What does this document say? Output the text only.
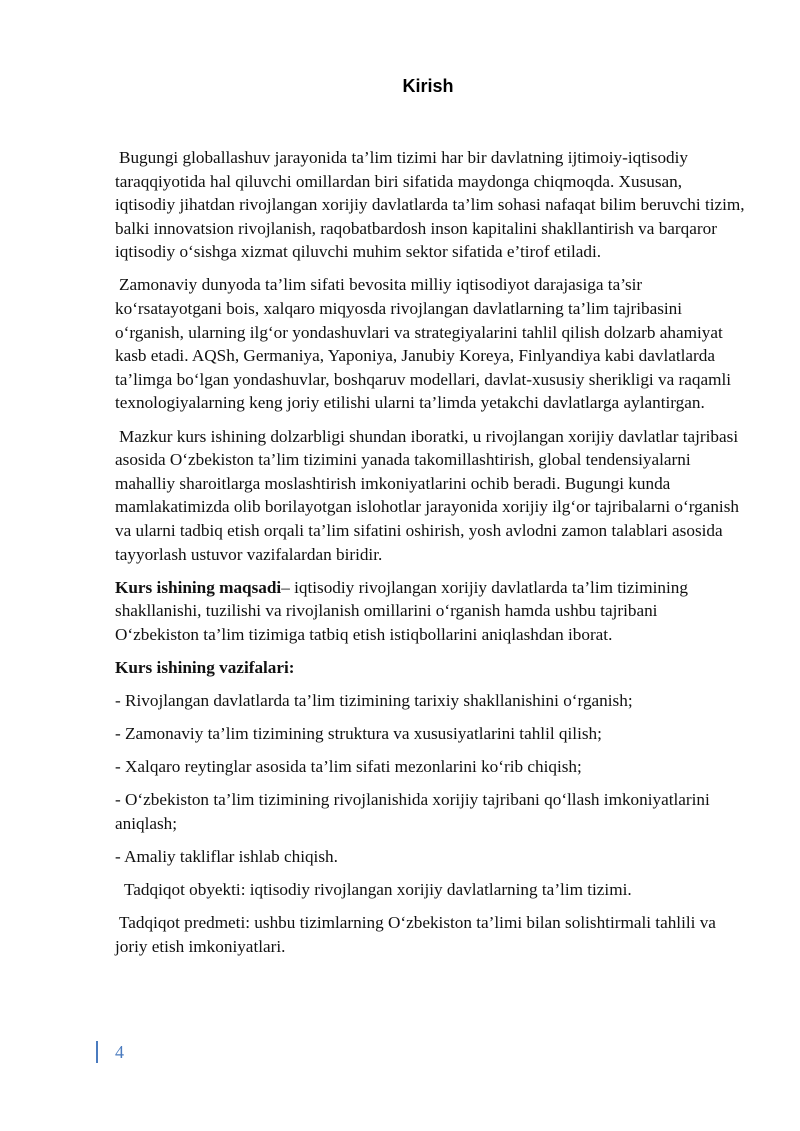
Kirish

Bugungi globallashuv jarayonida ta’lim tizimi har bir davlatning ijtimoiy-iqtisodiy taraqqiyotida hal qiluvchi omillardan biri sifatida maydonga chiqmoqda. Xususan, iqtisodiy jihatdan rivojlangan xorijiy davlatlarda ta’lim sohasi nafaqat bilim beruvchi tizim, balki innovatsion rivojlanish, raqobatbardosh inson kapitalini shakllantirish va barqaror iqtisodiy o‘sishga xizmat qiluvchi muhim sektor sifatida e’tirof etiladi.

Zamonaviy dunyoda ta’lim sifati bevosita milliy iqtisodiyot darajasiga ta’sir ko‘rsatayotgani bois, xalqaro miqyosda rivojlangan davlatlarning ta’lim tajribasini o‘rganish, ularning ilg‘or yondashuvlari va strategiyalarini tahlil qilish dolzarb ahamiyat kasb etadi. AQSh, Germaniya, Yaponiya, Janubiy Koreya, Finlyandiya kabi davlatlarda ta’limga bo‘lgan yondashuvlar, boshqaruv modellari, davlat-xususiy sherikligi va raqamli texnologiyalarning keng joriy etilishi ularni ta’limda yetakchi davlatlarga aylantirgan.

Mazkur kurs ishining dolzarbligi shundan iboratki, u rivojlangan xorijiy davlatlar tajribasi asosida O‘zbekiston ta’lim tizimini yanada takomillashtirish, global tendensiyalarni mahalliy sharoitlarga moslashtirish imkoniyatlarini ochib beradi. Bugungi kunda mamlakatimizda olib borilayotgan islohotlar jarayonida xorijiy ilg‘or tajribalarni o‘rganish va ularni tadbiq etish orqali ta’lim sifatini oshirish, yosh avlodni zamon talablari asosida tayyorlash ustuvor vazifalardan biridir.

Kurs ishining maqsadi– iqtisodiy rivojlangan xorijiy davlatlarda ta’lim tizimining shakllanishi, tuzilishi va rivojlanish omillarini o‘rganish hamda ushbu tajribani O‘zbekiston ta’lim tizimiga tatbiq etish istiqbollarini aniqlashdan iborat.

Kurs ishining vazifalari:

- Rivojlangan davlatlarda ta’lim tizimining tarixiy shakllanishini o‘rganish;

- Zamonaviy ta’lim tizimining struktura va xususiyatlarini tahlil qilish;

- Xalqaro reytinglar asosida ta’lim sifati mezonlarini ko‘rib chiqish;

- O‘zbekiston ta’lim tizimining rivojlanishida xorijiy tajribani qo‘llash imkoniyatlarini aniqlash;

- Amaliy takliflar ishlab chiqish.

Tadqiqot obyekti: iqtisodiy rivojlangan xorijiy davlatlarning ta’lim tizimi.

Tadqiqot predmeti: ushbu tizimlarning O‘zbekiston ta’limi bilan solishtirmali tahlili va joriy etish imkoniyatlari.

4
